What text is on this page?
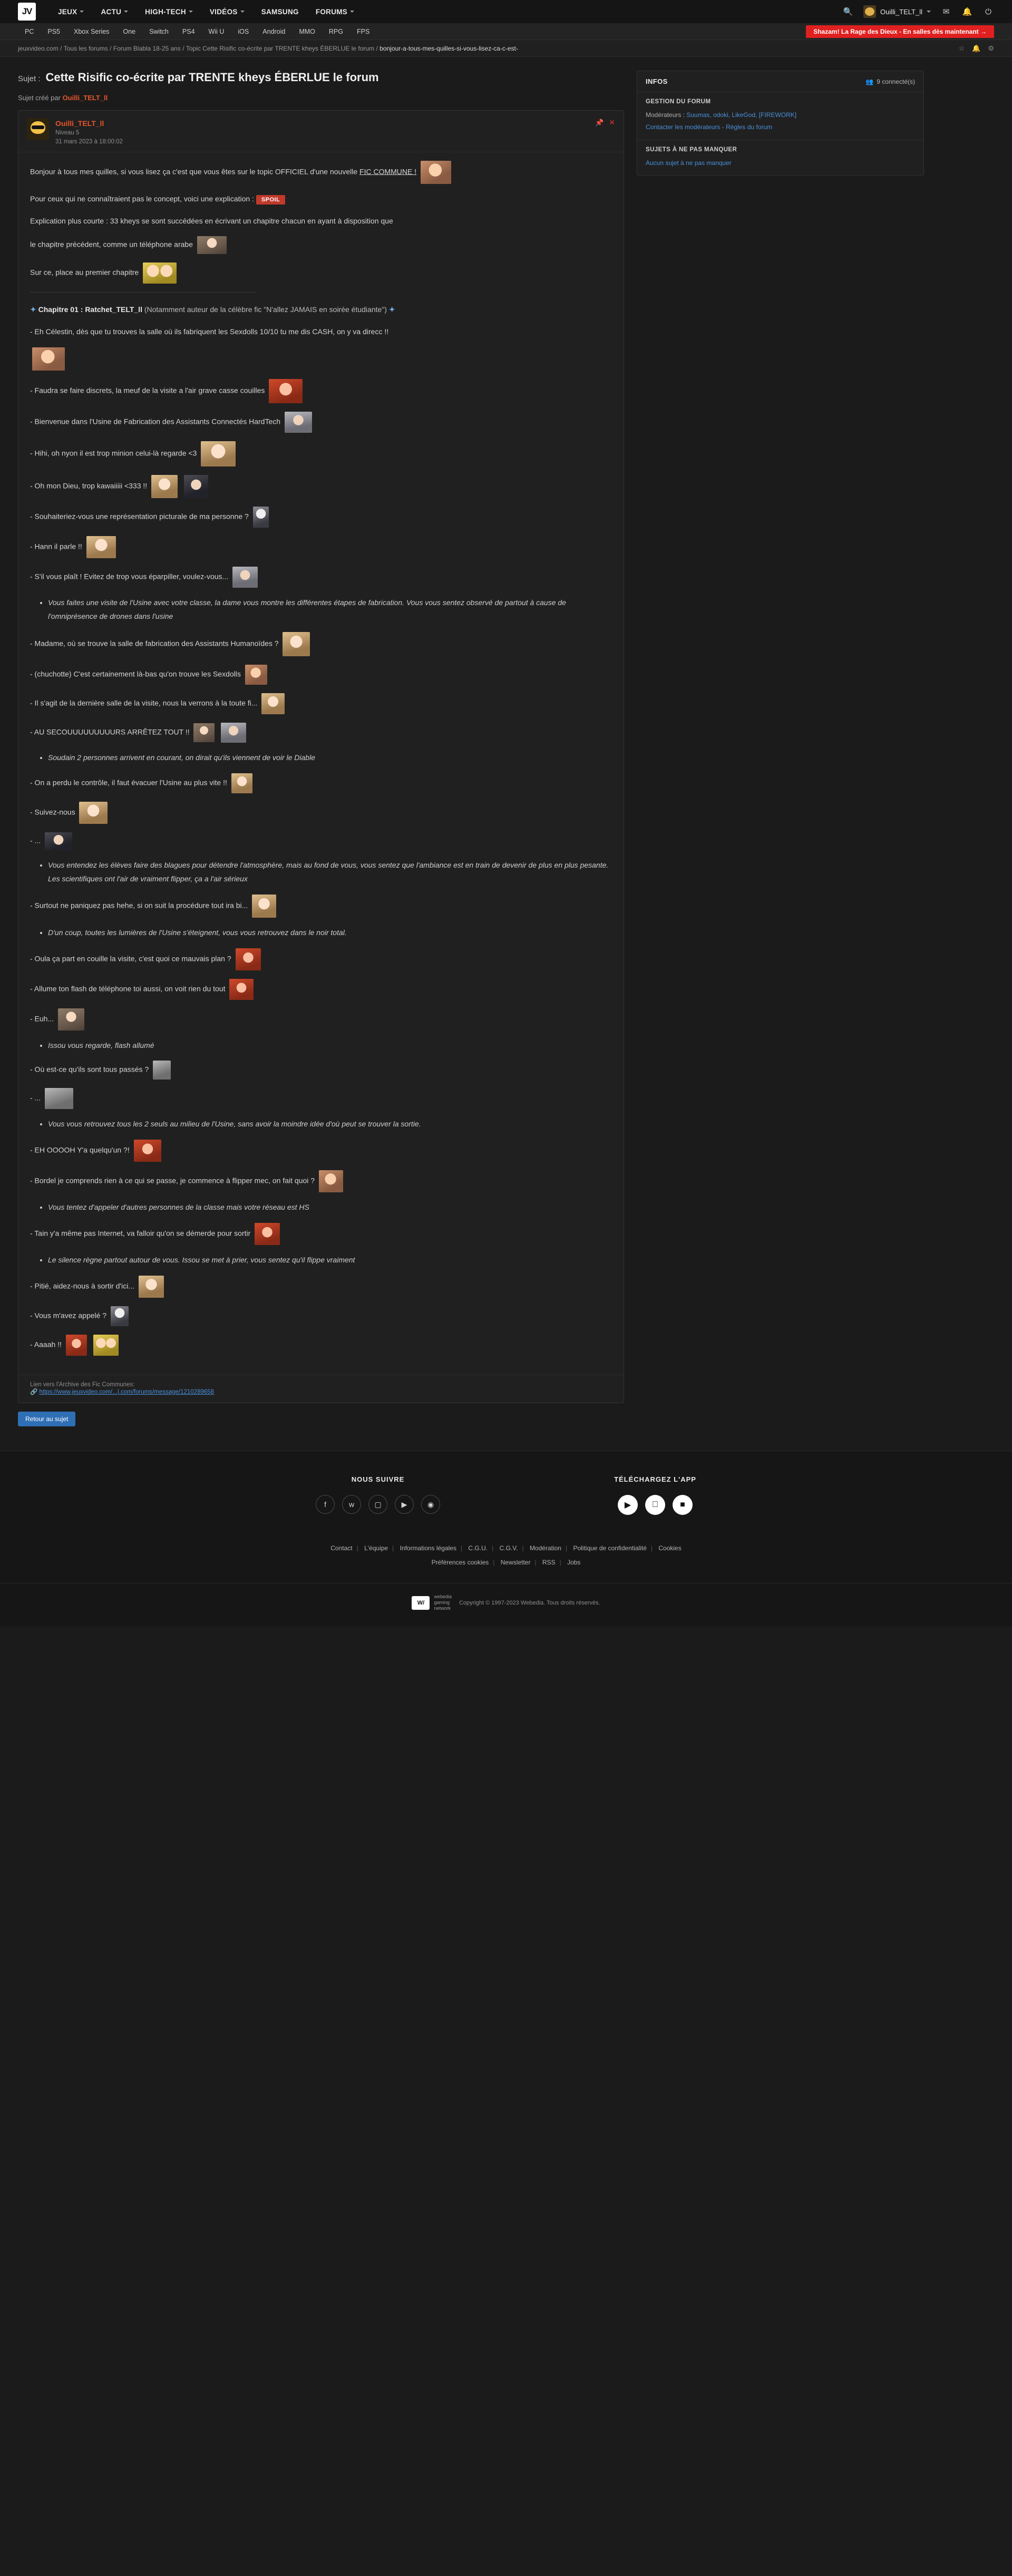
JV	JEUX	ACTU	HIGH-TECH	VIDÉOS	SAMSUNG FORUMS	🔍	Ouilli_TELT_ll	✉	🔔	⏻
PC	PS5	Xbox Series	One	Switch	PS4	Wii U	iOS	Android	MMO	RPG	FPS	Shazam! La Rage des Dieux - En salles dès maintenant →
jeuxvideo.com / Tous les forums / Forum Blabla 18-25 ans / Topic Cette Risific co-écrite par TRENTE kheys ÉBERLUE le forum / bonjour-a-tous-mes-quilles-si-vous-lisez-ca-c-est-	☆ 🔔 ⚙
Sujet : Cette Risific co-écrite par TRENTE kheys ÉBERLUE le forum
Sujet créé par Ouilli_TELT_ll
Ouilli_TELT_ll
Niveau 5
31 mars 2023 à 18:00:02
📌 ✕

Bonjour à tous mes quilles, si vous lisez ça c'est que vous êtes sur le topic OFFICIEL d'une nouvelle FIC COMMUNE !

Pour ceux qui ne connaîtraient pas le concept, voici une explication : SPOIL

Explication plus courte : 33 kheys se sont succédées en écrivant un chapitre chacun en ayant à disposition que

le chapitre précédent, comme un téléphone arabe

Sur ce, place au premier chapitre

✦ Chapitre 01 : Ratchet_TELT_ll (Notamment auteur de la célèbre fic "N'allez JAMAIS en soirée étudiante") ✦

- Eh Célestin, dès que tu trouves la salle où ils fabriquent les Sexdolls 10/10 tu me dis CASH, on y va direcc !!

- Faudra se faire discrets, la meuf de la visite a l'air grave casse couilles

- Bienvenue dans l'Usine de Fabrication des Assistants Connectés HardTech

- Hihi, oh nyon il est trop minion celui-là regarde <3

- Oh mon Dieu, trop kawaiiiii <333 !!

- Souhaiteriez-vous une représentation picturale de ma personne ?

- Hann il parle !!

- S'il vous plaît ! Evitez de trop vous éparpiller, voulez-vous...

• Vous faites une visite de l'Usine avec votre classe, la dame vous montre les différentes étapes de fabrication. Vous vous sentez observé de partout à cause de l'omniprésence de drones dans l'usine

- Madame, où se trouve la salle de fabrication des Assistants Humanoïdes ?

- (chuchotte) C'est certainement là-bas qu'on trouve les Sexdolls

- Il s'agit de la dernière salle de la visite, nous la verrons à la toute fi...

- AU SECOUUUUUUUUURS ARRÊTEZ TOUT !!

• Soudain 2 personnes arrivent en courant, on dirait qu'ils viennent de voir le Diable

- On a perdu le contrôle, il faut évacuer l'Usine au plus vite !!

- Suivez-nous

- ...

• Vous entendez les élèves faire des blagues pour détendre l'atmosphère, mais au fond de vous, vous sentez que l'ambiance est en train de devenir de plus en plus pesante. Les scientifiques ont l'air de vraiment flipper, ça a l'air sérieux

- Surtout ne paniquez pas hehe, si on suit la procédure tout ira bi...

• D'un coup, toutes les lumières de l'Usine s'éteignent, vous vous retrouvez dans le noir total.

- Oula ça part en couille la visite, c'est quoi ce mauvais plan ?

- Allume ton flash de téléphone toi aussi, on voit rien du tout

- Euh...

• Issou vous regarde, flash allumé

- Où est-ce qu'ils sont tous passés ?

- ...

• Vous vous retrouvez tous les 2 seuls au milieu de l'Usine, sans avoir la moindre idée d'où peut se trouver la sortie.

- EH OOOOH Y'a quelqu'un ?!

- Bordel je comprends rien à ce qui se passe, je commence à flipper mec, on fait quoi ?

• Vous tentez d'appeler d'autres personnes de la classe mais votre réseau est HS

- Tain y'a même pas Internet, va falloir qu'on se démerde pour sortir

• Le silence règne partout autour de vous. Issou se met à prier, vous sentez qu'il flippe vraiment

- Pitié, aidez-nous à sortir d'ici...

- Vous m'avez appelé ?

- Aaaah !!

Lien vers l'Archive des Fic Communes:
🔗 https://www.jeuxvideo.com/...|.com/forums/message/1210289658
Retour au sujet
INFOS	👥 9 connecté(s)
GESTION DU FORUM
Modérateurs : Suumas, odoki, LikeGod, [FIREWORK]
Contacter les modérateurs - Règles du forum
SUJETS À NE PAS MANQUER
Aucun sujet à ne pas manquer
NOUS SUIVRE
f	w	▢	▶	◉
TÉLÉCHARGEZ L'APP
▶	■
Contact | L'équipe | Informations légales | C.G.U. | C.G.V. | Modération | Politique de confidentialité | Cookies
Préférences cookies | Newsletter | RSS | Jobs
W/
webedia
gaming
network
Copyright © 1997-2023 Webedia. Tous droits réservés.
